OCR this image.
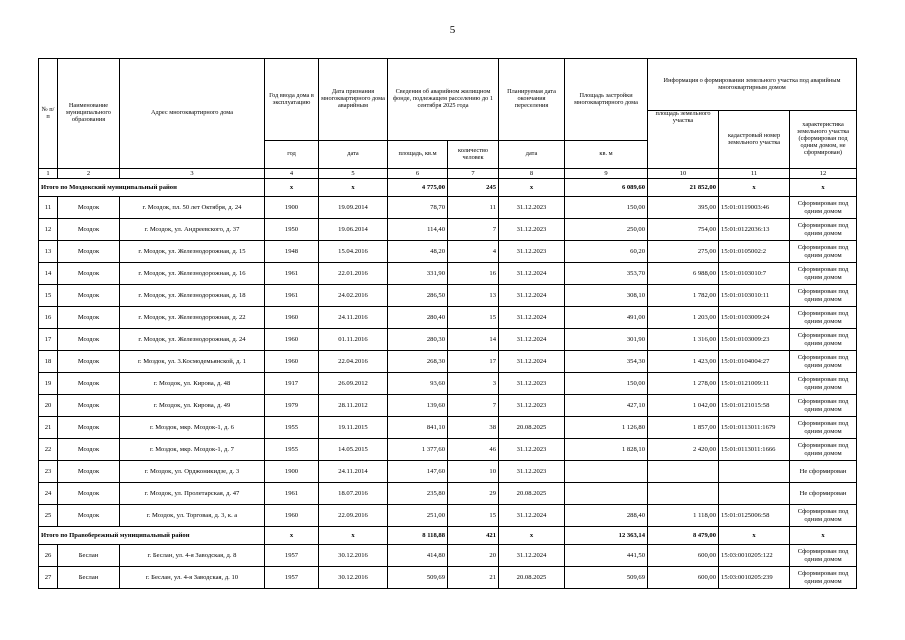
5
№ п/п	Наименование муниципального образования	Адрес многоквартирного дома	Год ввода дома в эксплуатацию	Дата признания многоквартирного дома аварийным	Сведения об аварийном жилищном фонде, подлежащем расселению до 1 сентября 2025 года		Планируемая дата окончания переселения	Площадь застройки многоквартирного дома	Информация о формировании земельного участка под аварийным многоквартирным домом		
									площадь земельного участка	кадастровый номер земельного участка	характеристика земельного участка (сформирован под одним домом, не сформирован)
			год	дата	площадь, кв.м	количество человек	дата	кв. м			
1	2	3	4	5	6	7	8	9	10	11	12
Итого по Моздокский муниципальный район			х	х	4 775,00	245	х	6 089,60	21 852,00	х	х
11	Моздок	г. Моздок, пл. 50 лет Октября, д. 24	1900	19.09.2014	78,70	11	31.12.2023	150,00	395,00	15:01:0119003:46	Сформирован под одним домом
12	Моздок	г. Моздок, ул. Андреевского, д. 37	1950	19.06.2014	114,40	7	31.12.2023	250,00	754,00	15:01:0122036:13	Сформирован под одним домом
13	Моздок	г. Моздок, ул. Железнодорожная, д. 15	1948	15.04.2016	48,20	4	31.12.2023	60,20	275,00	15:01:0105002:2	Сформирован под одним домом
14	Моздок	г. Моздок, ул. Железнодорожная, д. 16	1961	22.01.2016	331,90	16	31.12.2024	353,70	6 988,00	15:01:0103010:7	Сформирован под одним домом
15	Моздок	г. Моздок, ул. Железнодорожная, д. 18	1961	24.02.2016	286,50	13	31.12.2024	308,10	1 782,00	15:01:0103010:11	Сформирован под одним домом
16	Моздок	г. Моздок, ул. Железнодорожная, д. 22	1960	24.11.2016	280,40	15	31.12.2024	491,00	1 203,00	15:01:0103009:24	Сформирован под одним домом
17	Моздок	г. Моздок, ул. Железнодорожная, д. 24	1960	01.11.2016	280,30	14	31.12.2024	301,90	1 316,00	15:01:0103009:23	Сформирован под одним домом
18	Моздок	г. Моздок, ул. 3.Космодемьянской, д. 1	1960	22.04.2016	268,30	17	31.12.2024	354,30	1 423,00	15:01:0104004:27	Сформирован под одним домом
19	Моздок	г. Моздок, ул. Кирова, д. 48	1917	26.09.2012	93,60	3	31.12.2023	150,00	1 278,00	15:01:0121009:11	Сформирован под одним домом
20	Моздок	г. Моздок, ул. Кирова, д. 49	1979	28.11.2012	139,60	7	31.12.2023	427,10	1 042,00	15:01:0121015:58	Сформирован под одним домом
21	Моздок	г. Моздок, мкр. Моздок-1, д. 6	1955	19.11.2015	841,10	38	20.08.2025	1 126,80	1 857,00	15:01:0113011:1679	Сформирован под одним домом
22	Моздок	г. Моздок, мкр. Моздок-1, д. 7	1955	14.05.2015	1 377,60	46	31.12.2023	1 828,10	2 420,00	15:01:0113011:1666	Сформирован под одним домом
23	Моздок	г. Моздок, ул. Орджоникидзе, д. 3	1900	24.11.2014	147,60	10	31.12.2023				Не сформирован
24	Моздок	г. Моздок, ул. Пролетарская, д. 47	1961	18.07.2016	235,80	29	20.08.2025				Не сформирован
25	Моздок	г. Моздок, ул. Торговая, д. 3, к. а	1960	22.09.2016	251,00	15	31.12.2024	288,40	1 118,00	15:01:0125006:58	Сформирован под одним домом
Итого по Правобережный муниципальный район			х	х	8 118,88	421	х	12 363,14	8 479,00	х	х
26	Беслан	г. Беслан, ул. 4-я Заводская, д. 8	1957	30.12.2016	414,80	20	31.12.2024	441,50	600,00	15:03:0010205:122	Сформирован под одним домом
27	Беслан	г. Беслан, ул. 4-я Заводская, д. 10	1957	30.12.2016	509,69	21	20.08.2025	509,69	600,00	15:03:0010205:239	Сформирован под одним домом
